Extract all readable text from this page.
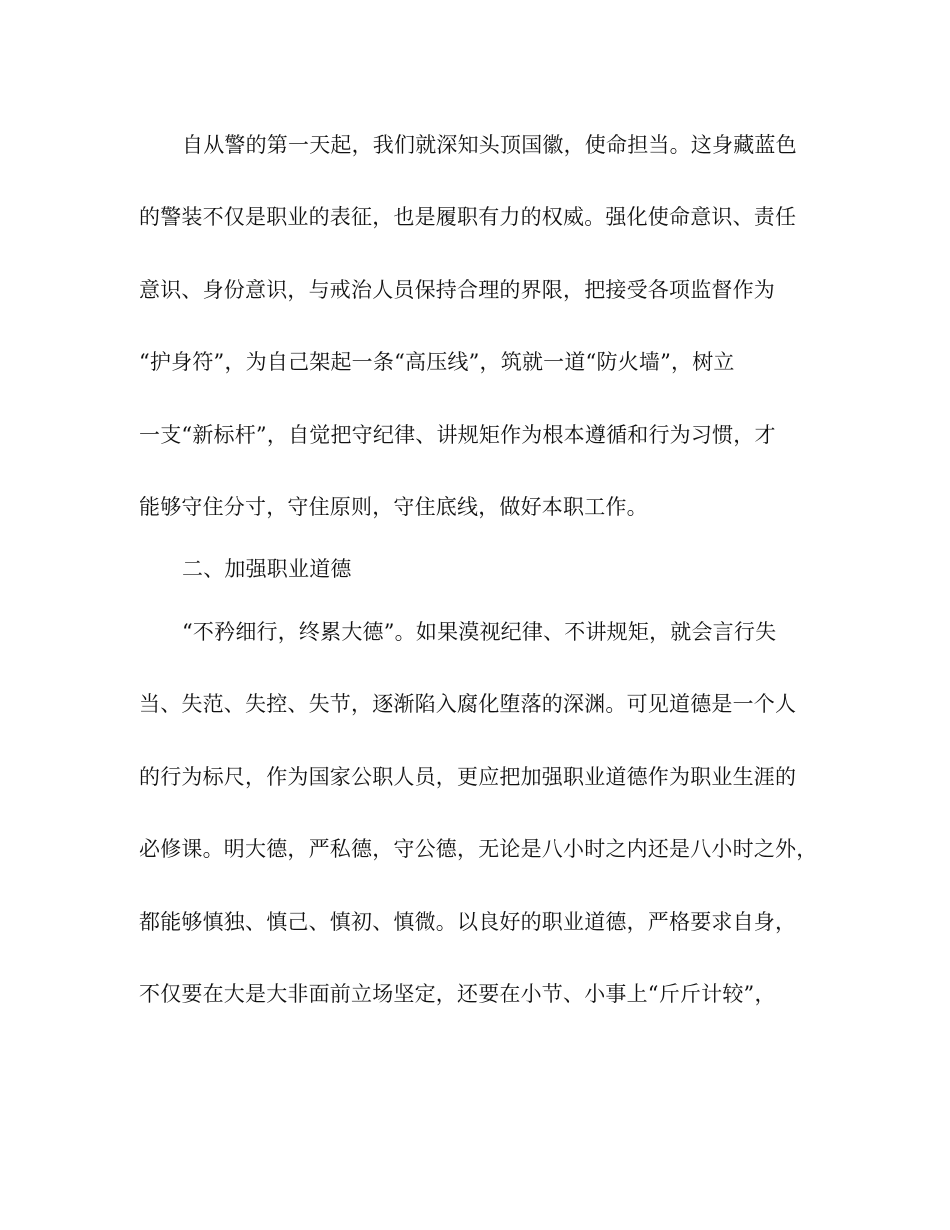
自从警的第一天起，我们就深知头顶国徽，使命担当。这身藏蓝色
的警装不仅是职业的表征，也是履职有力的权威。强化使命意识、责任
意识、身份意识，与戒治人员保持合理的界限，把接受各项监督作为
“护身符”，为自己架起一条“高压线”，筑就一道“防火墙”，树立
一支“新标杆”，自觉把守纪律、讲规矩作为根本遵循和行为习惯，才
能够守住分寸，守住原则，守住底线，做好本职工作。
二、加强职业道德
“不矜细行，终累大德”。如果漠视纪律、不讲规矩，就会言行失
当、失范、失控、失节，逐渐陷入腐化堕落的深渊。可见道德是一个人
的行为标尺，作为国家公职人员，更应把加强职业道德作为职业生涯的
必修课。明大德，严私德，守公德，无论是八小时之内还是八小时之外，
都能够慎独、慎己、慎初、慎微。以良好的职业道德，严格要求自身，
不仅要在大是大非面前立场坚定，还要在小节、小事上“斤斤计较”，
